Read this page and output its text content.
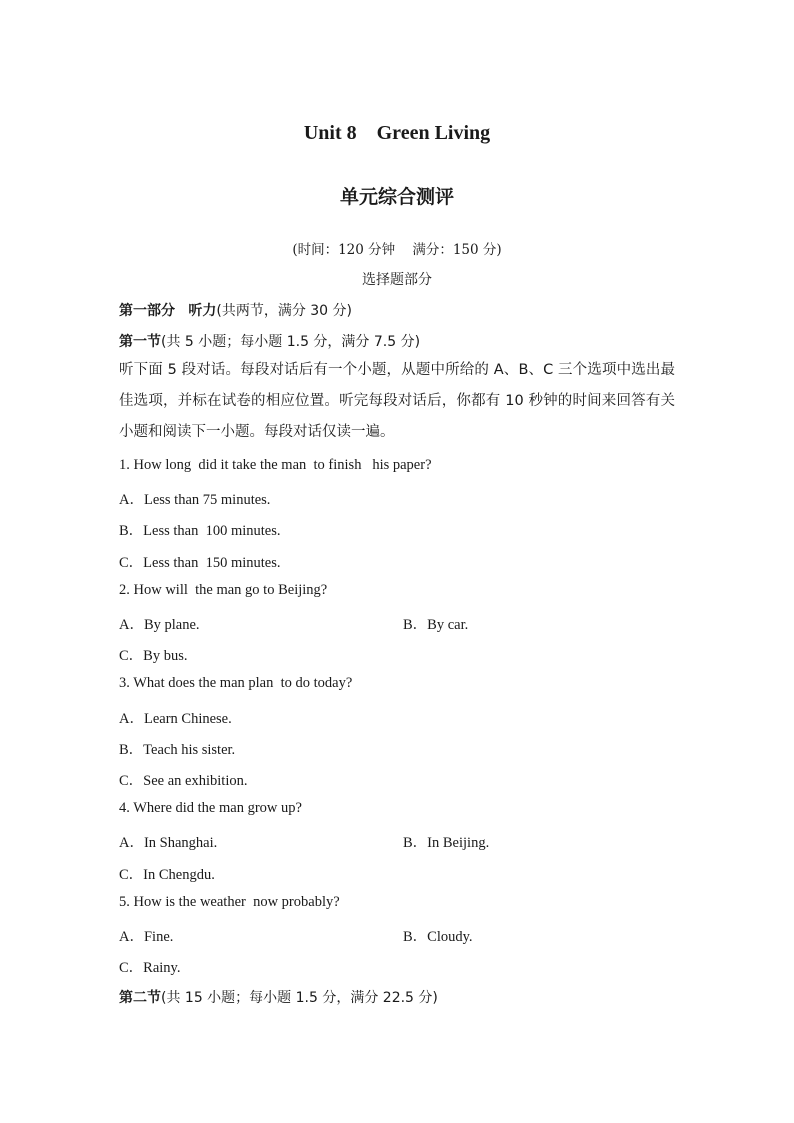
Unit 8    Green Living
单元综合测评
(时间：120 分钟    满分：150 分)
选择题部分
第一部分 听力(共两节，满分 30 分)
第一节(共 5 小题；每小题 1.5 分，满分 7.5 分)
听下面 5 段对话。每段对话后有一个小题，从题中所给的 A、B、C 三个选项中选出最佳选项，并标在试卷的相应位置。听完每段对话后，你都有 10 秒钟的时间来回答有关小题和阅读下一小题。每段对话仅读一遍。
1. How long  did it take the man  to finish   his paper?
A．Less than 75 minutes.
B．Less than  100 minutes.
C．Less than  150 minutes.
2. How will  the man go to Beijing?
A．By plane.	B．By car.
C．By bus.
3. What does the man plan  to do today?
A．Learn Chinese.
B．Teach his sister.
C．See an exhibition.
4. Where did the man grow up?
A．In Shanghai.	B．In Beijing.
C．In Chengdu.
5. How is the weather  now probably?
A．Fine.	B．Cloudy.
C．Rainy.
第二节(共 15 小题；每小题 1.5 分，满分 22.5 分)
